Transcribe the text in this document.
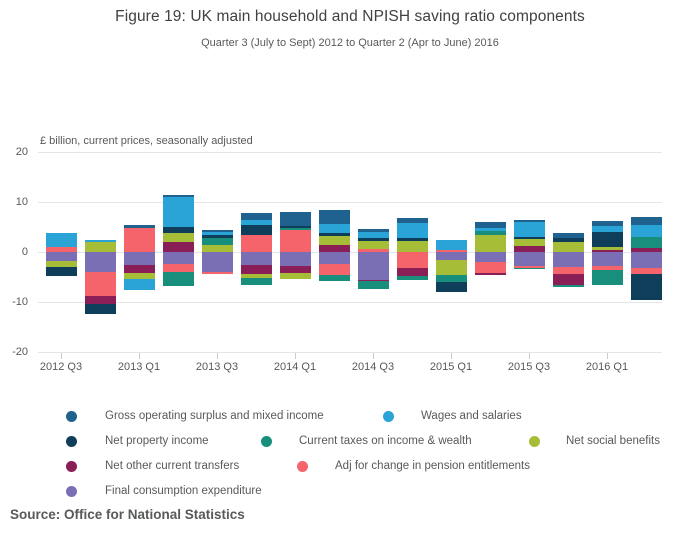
Figure 19: UK main household and NPISH saving ratio components
Quarter 3 (July to Sept) 2012 to Quarter 2 (Apr to June) 2016
£ billion, current prices, seasonally adjusted
20
10
0
-10
-20
2012 Q3	2013 Q1	2013 Q3	2014 Q1	2014 Q3	2015 Q1	2015 Q3	2016 Q1
Gross operating surplus and mixed income	Wages and salaries
Net property income	Current taxes on income & wealth	Net social benefits
Net other current transfers	Adj for change in pension entitlements
Final consumption expenditure
Source: Office for National Statistics
